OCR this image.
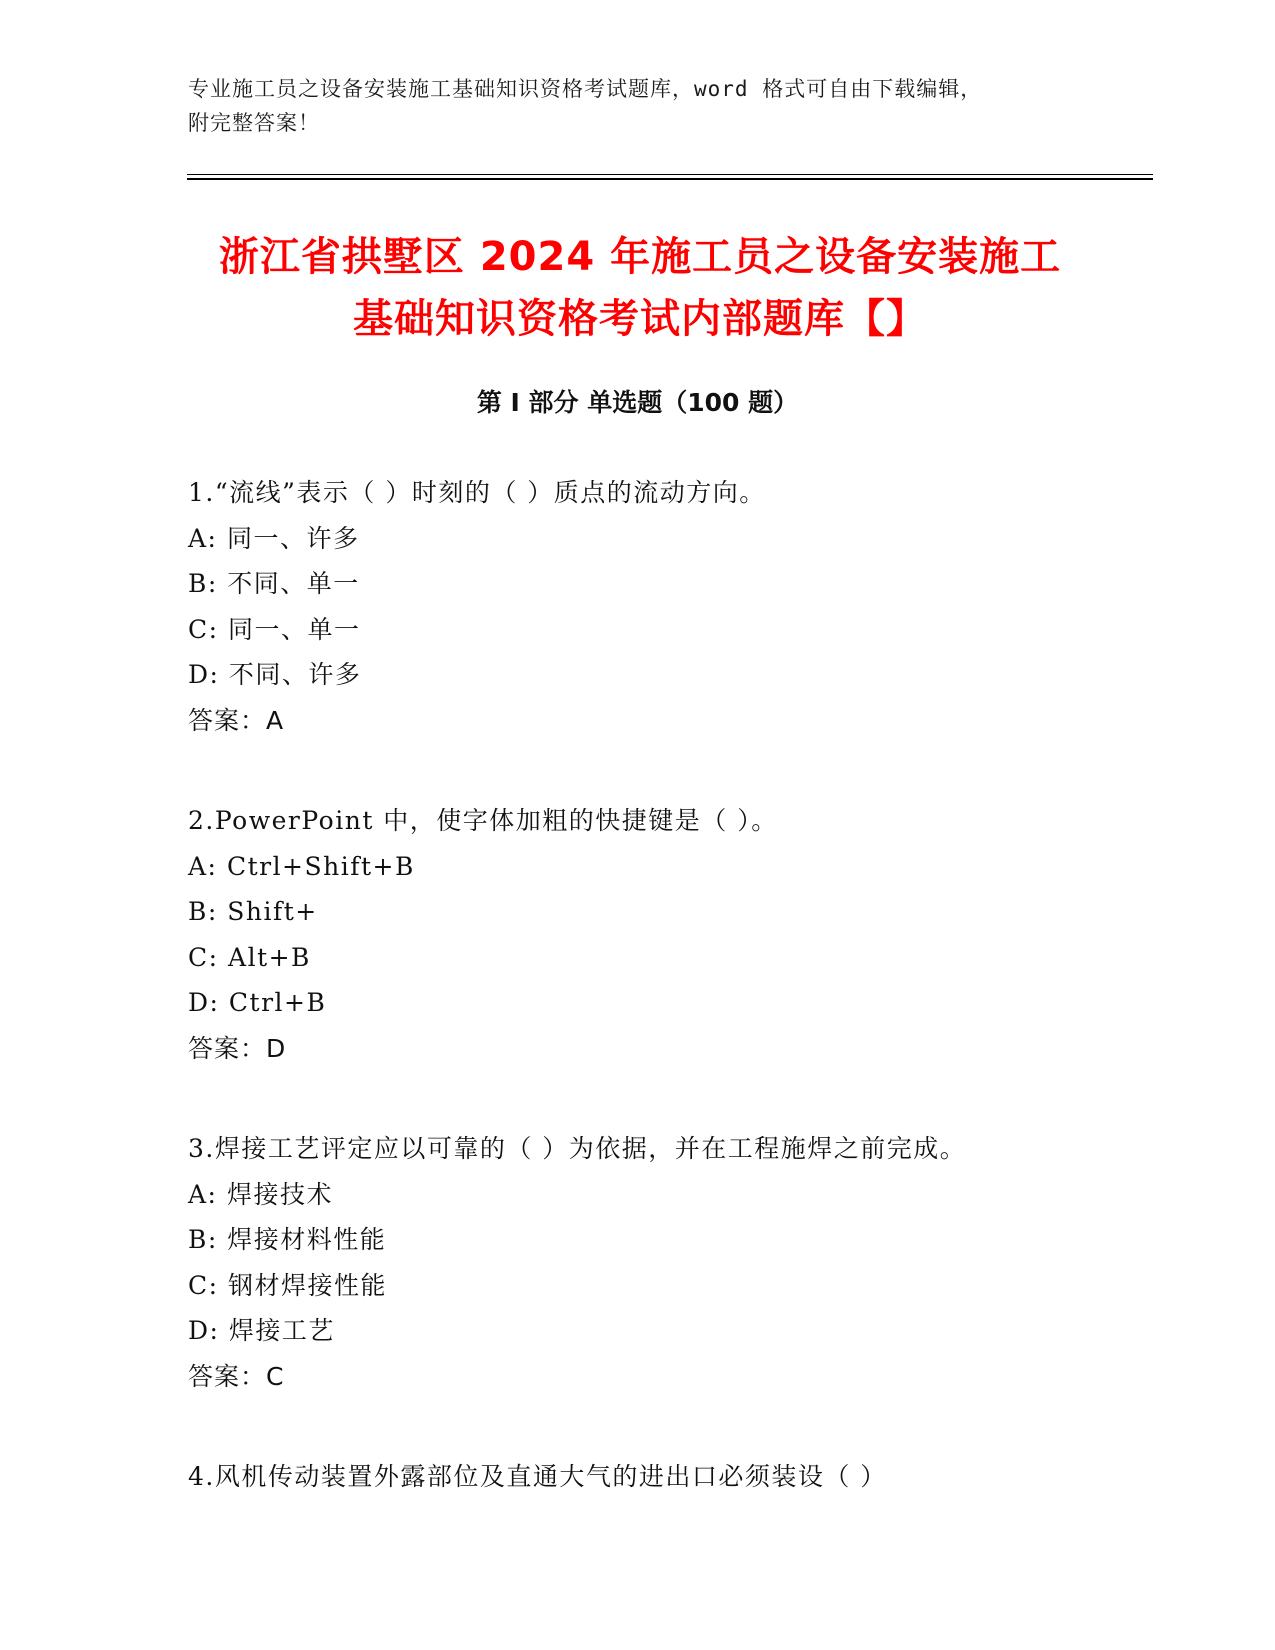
专业施工员之设备安装施工基础知识资格考试题库，word 格式可自由下载编辑，
附完整答案！
浙江省拱墅区 2024 年施工员之设备安装施工
基础知识资格考试内部题库【】
第 I 部分 单选题（100 题）
1.“流线”表示（ ）时刻的（ ）质点的流动方向。
A: 同一、许多
B: 不同、单一
C: 同一、单一
D: 不同、许多
答案：A
2.PowerPoint 中，使字体加粗的快捷键是（ ）。
A: Ctrl+Shift+B
B: Shift+
C: Alt+B
D: Ctrl+B
答案：D
3.焊接工艺评定应以可靠的（ ）为依据，并在工程施焊之前完成。
A: 焊接技术
B: 焊接材料性能
C: 钢材焊接性能
D: 焊接工艺
答案：C
4.风机传动装置外露部位及直通大气的进出口必须装设（ ）
